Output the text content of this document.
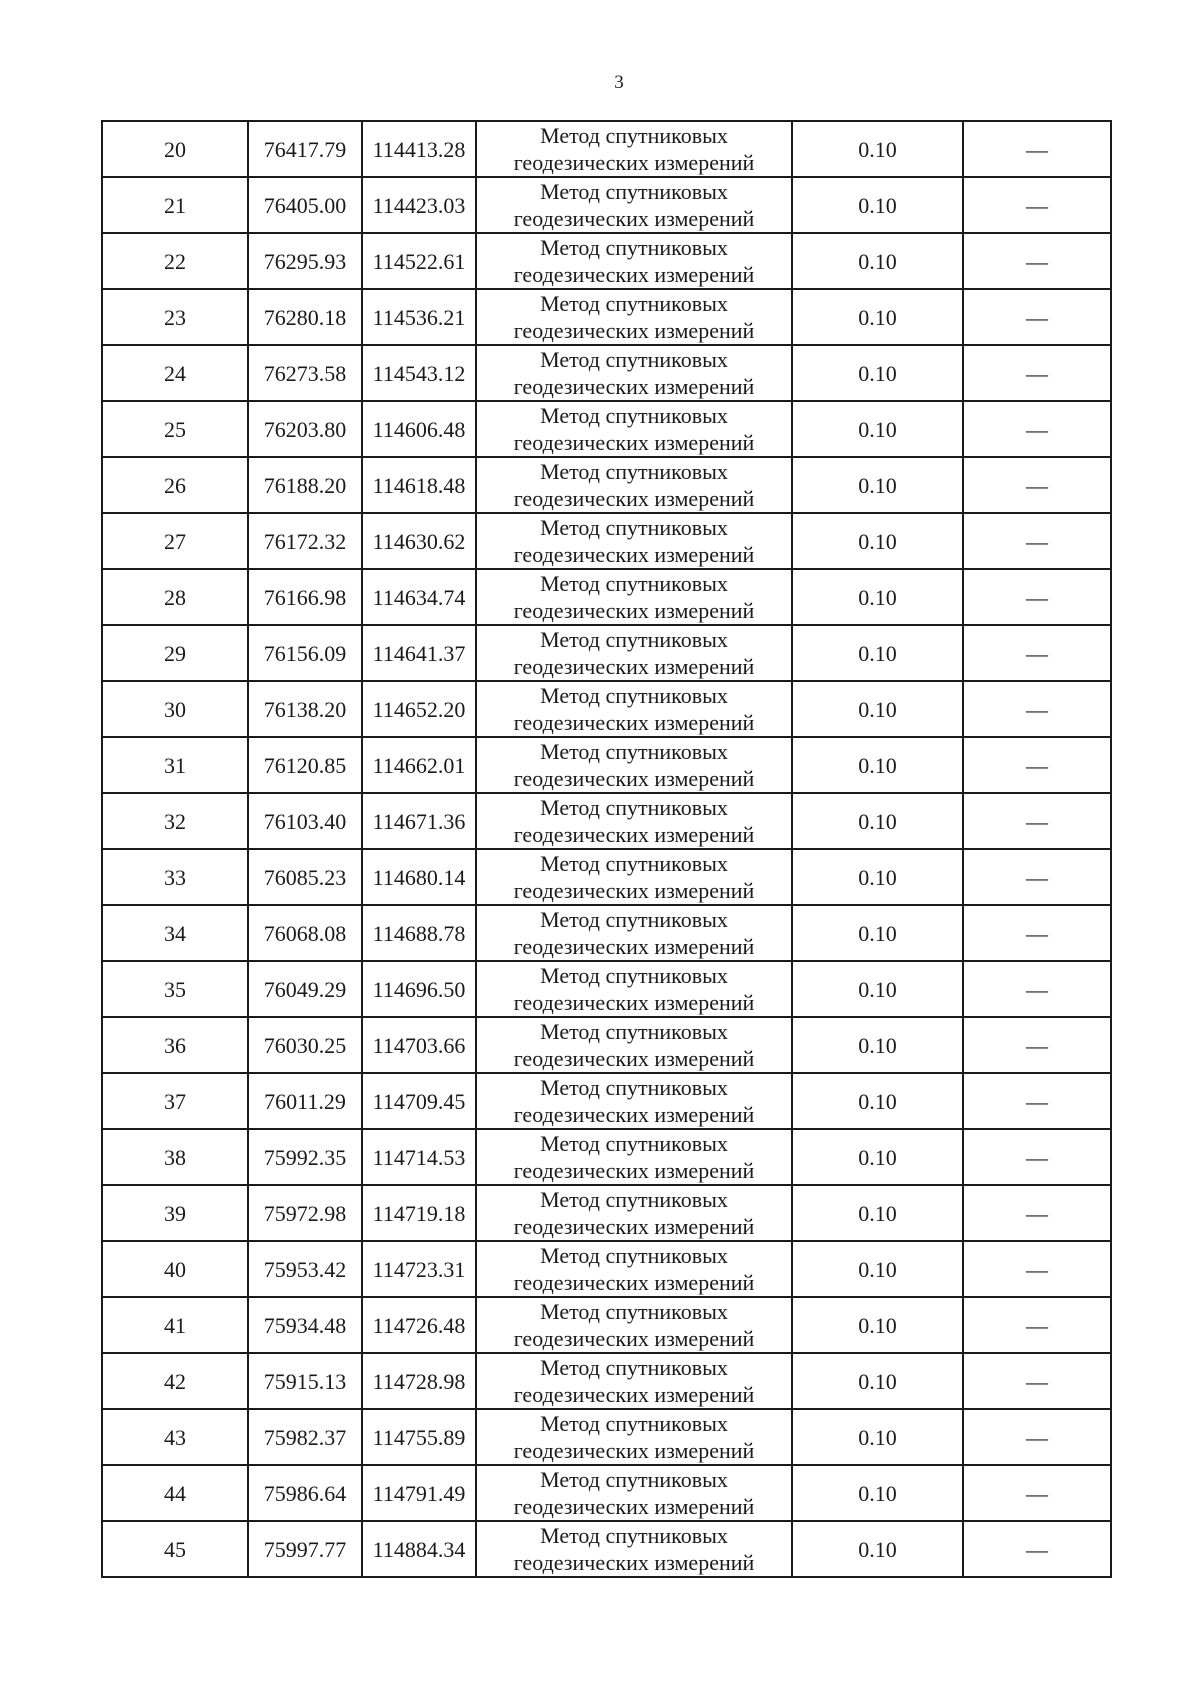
3
20	76417.79	114413.28	Метод спутниковых
геодезических измерений	0.10	—
21	76405.00	114423.03	Метод спутниковых
геодезических измерений	0.10	—
22	76295.93	114522.61	Метод спутниковых
геодезических измерений	0.10	—
23	76280.18	114536.21	Метод спутниковых
геодезических измерений	0.10	—
24	76273.58	114543.12	Метод спутниковых
геодезических измерений	0.10	—
25	76203.80	114606.48	Метод спутниковых
геодезических измерений	0.10	—
26	76188.20	114618.48	Метод спутниковых
геодезических измерений	0.10	—
27	76172.32	114630.62	Метод спутниковых
геодезических измерений	0.10	—
28	76166.98	114634.74	Метод спутниковых
геодезических измерений	0.10	—
29	76156.09	114641.37	Метод спутниковых
геодезических измерений	0.10	—
30	76138.20	114652.20	Метод спутниковых
геодезических измерений	0.10	—
31	76120.85	114662.01	Метод спутниковых
геодезических измерений	0.10	—
32	76103.40	114671.36	Метод спутниковых
геодезических измерений	0.10	—
33	76085.23	114680.14	Метод спутниковых
геодезических измерений	0.10	—
34	76068.08	114688.78	Метод спутниковых
геодезических измерений	0.10	—
35	76049.29	114696.50	Метод спутниковых
геодезических измерений	0.10	—
36	76030.25	114703.66	Метод спутниковых
геодезических измерений	0.10	—
37	76011.29	114709.45	Метод спутниковых
геодезических измерений	0.10	—
38	75992.35	114714.53	Метод спутниковых
геодезических измерений	0.10	—
39	75972.98	114719.18	Метод спутниковых
геодезических измерений	0.10	—
40	75953.42	114723.31	Метод спутниковых
геодезических измерений	0.10	—
41	75934.48	114726.48	Метод спутниковых
геодезических измерений	0.10	—
42	75915.13	114728.98	Метод спутниковых
геодезических измерений	0.10	—
43	75982.37	114755.89	Метод спутниковых
геодезических измерений	0.10	—
44	75986.64	114791.49	Метод спутниковых
геодезических измерений	0.10	—
45	75997.77	114884.34	Метод спутниковых
геодезических измерений	0.10	—
